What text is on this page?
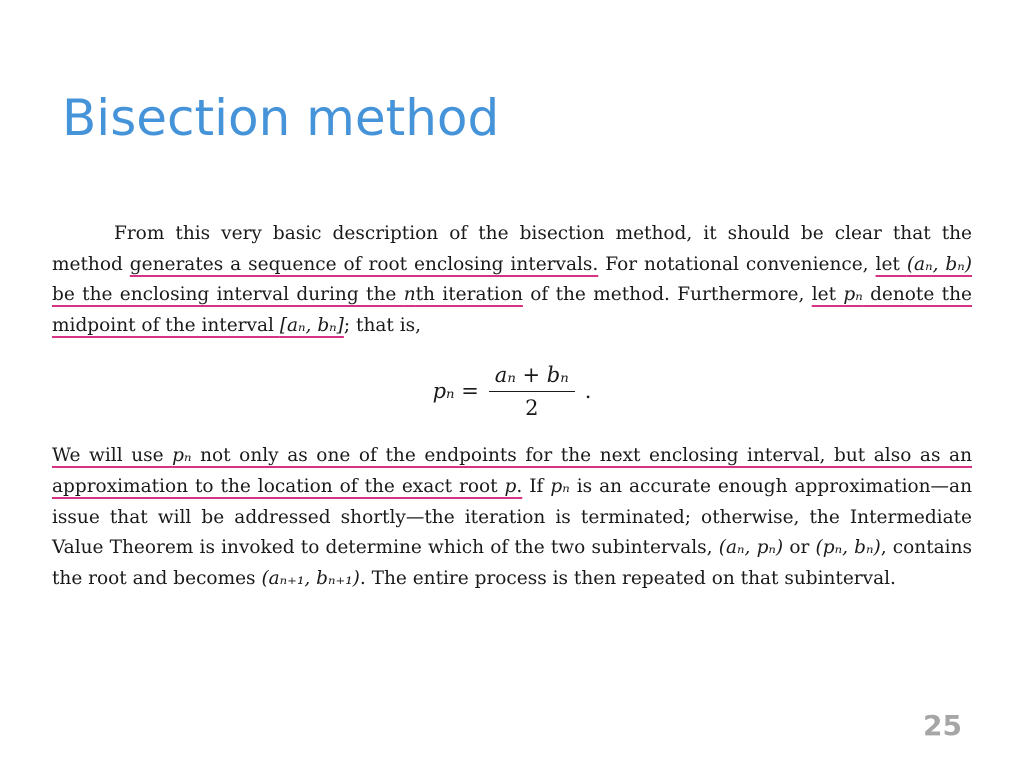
Bisection method

From this very basic description of the bisection method, it should be clear that the method generates a sequence of root enclosing intervals. For notational convenience, let (aₙ, bₙ) be the enclosing interval during the nth iteration of the method. Furthermore, let pₙ denote the midpoint of the interval [aₙ, bₙ]; that is,

$p_n = \frac{\text{aₙ + bₙ}}{2}$ .

We will use pₙ not only as one of the endpoints for the next enclosing interval, but also as an approximation to the location of the exact root p. If pₙ is an accurate enough approximation—an issue that will be addressed shortly—the iteration is terminated; otherwise, the Intermediate Value Theorem is invoked to determine which of the two subintervals, (aₙ, pₙ) or (pₙ, bₙ), contains the root and becomes (aₙ₊₁, bₙ₊₁). The entire process is then repeated on that subinterval.

25
